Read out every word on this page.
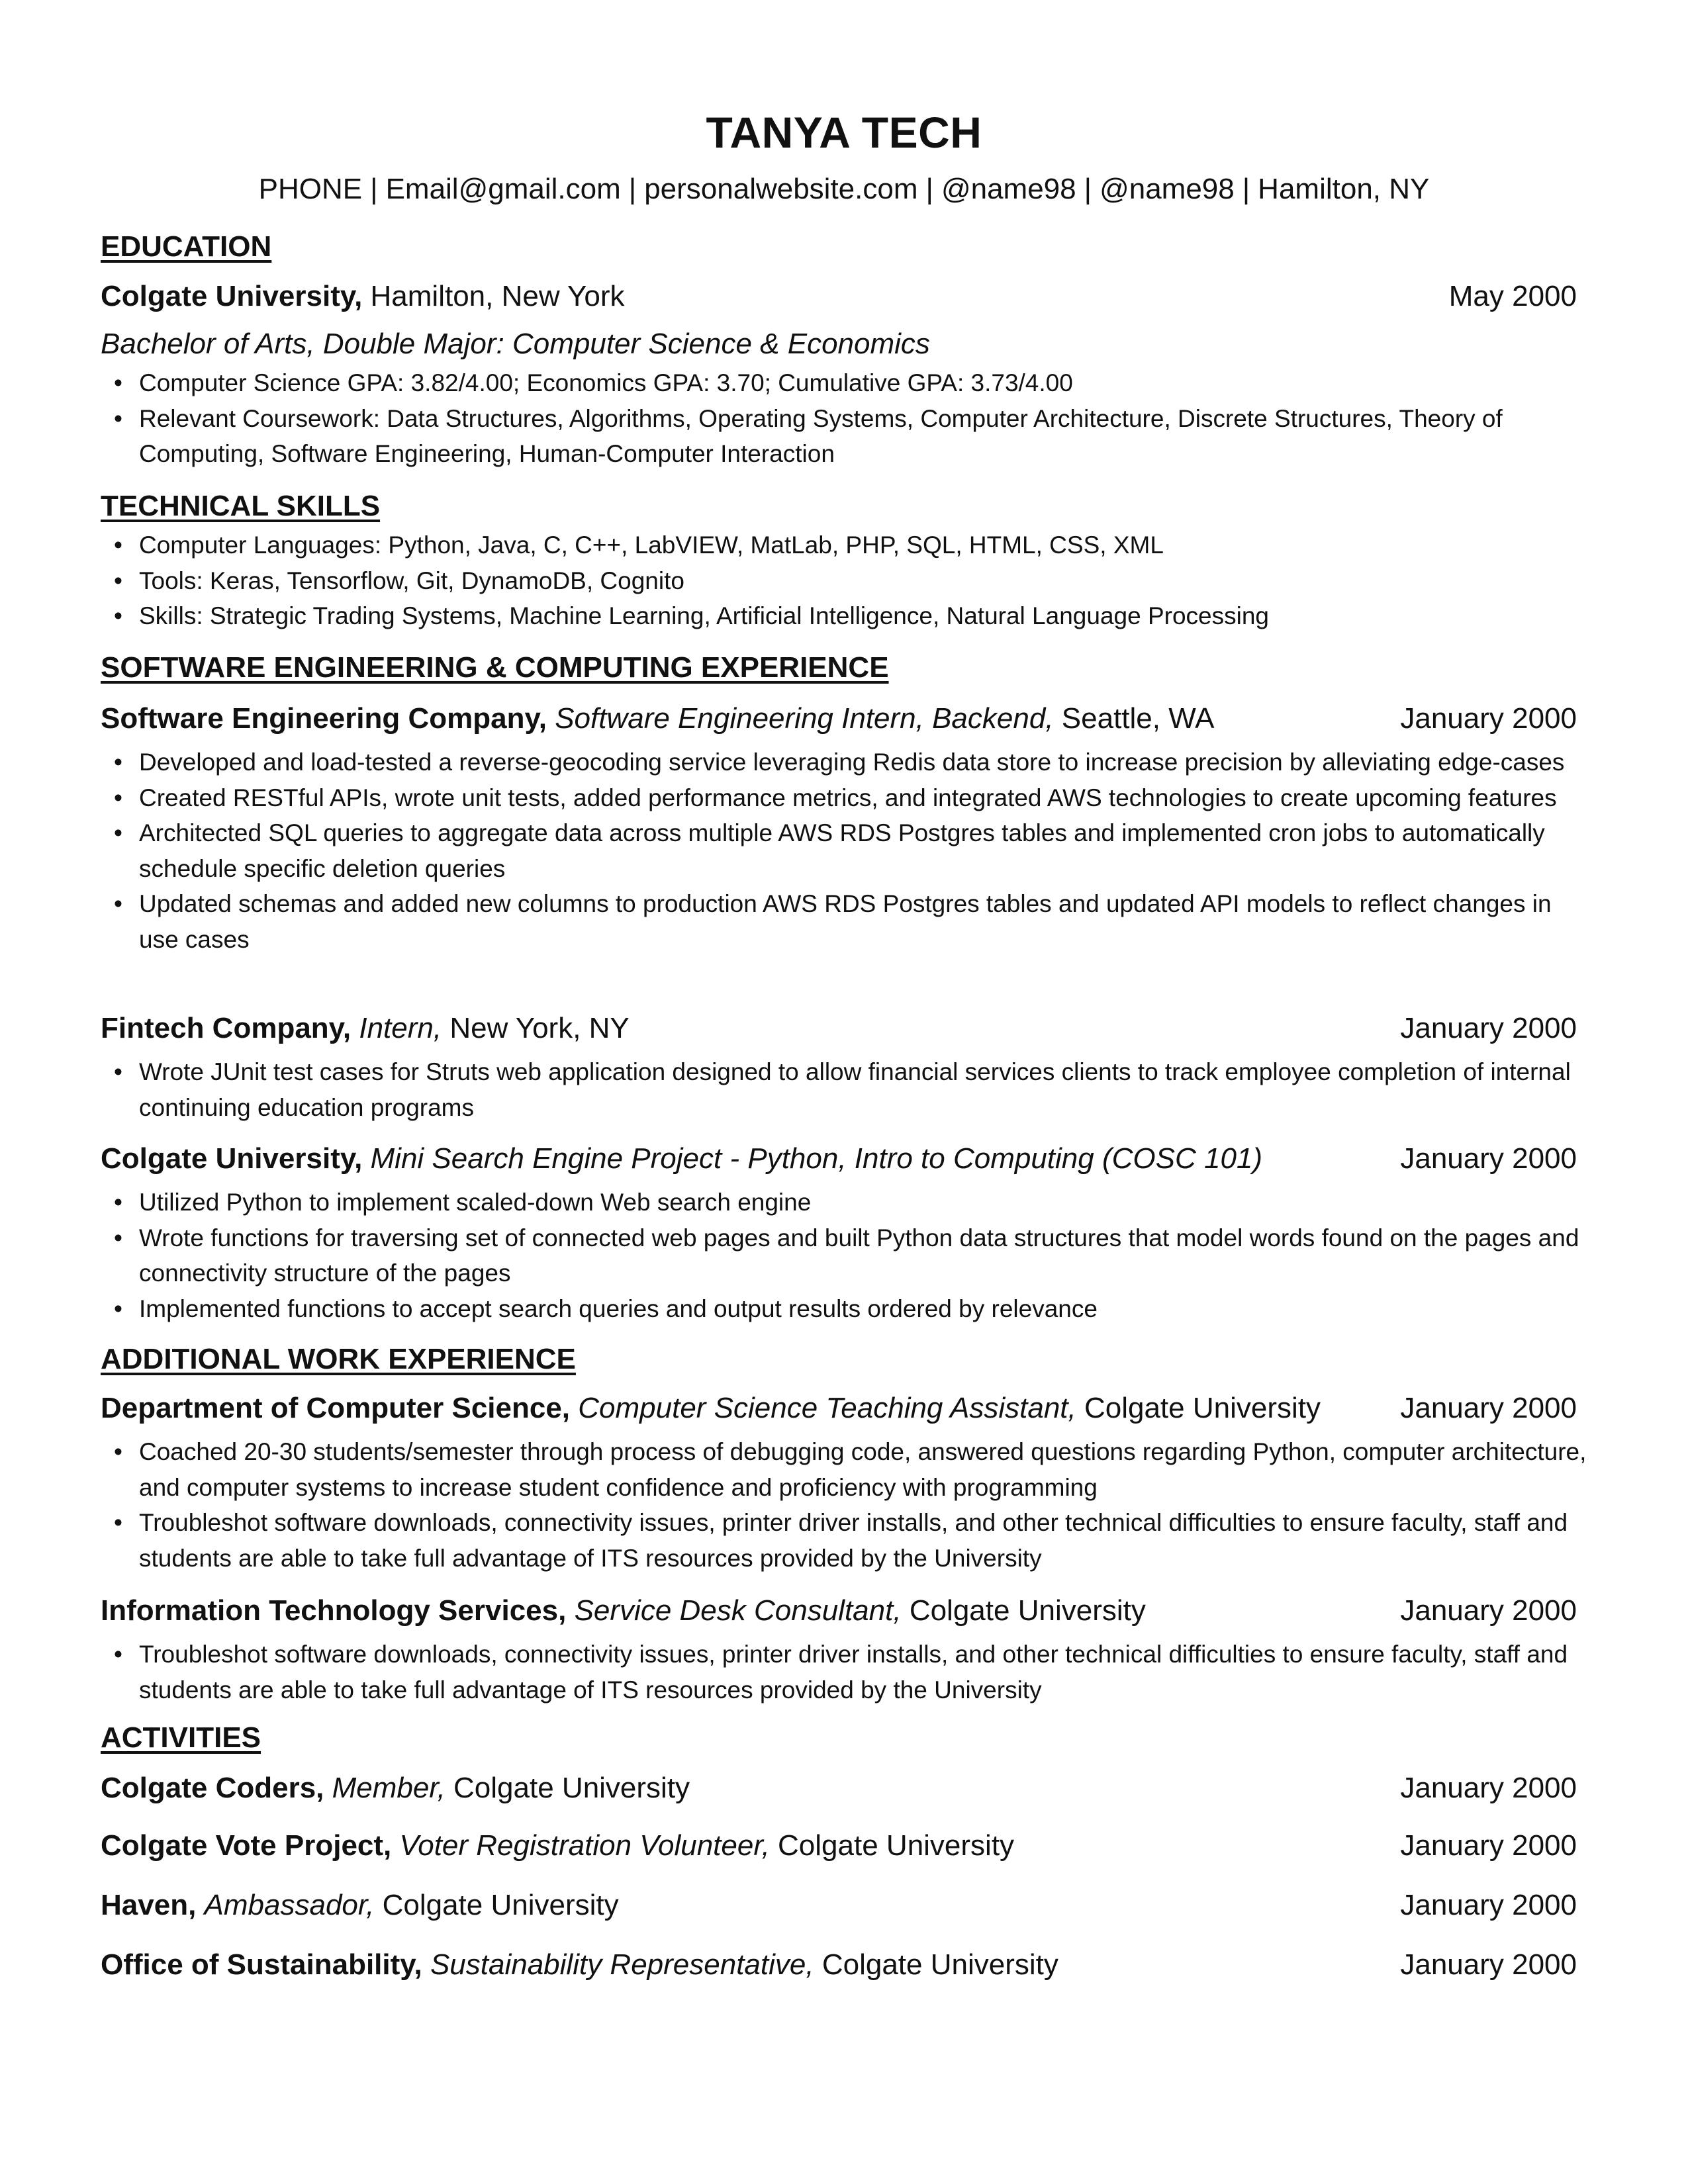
TANYA TECH
PHONE | Email@gmail.com | personalwebsite.com | @name98 | @name98 | Hamilton, NY
EDUCATION
Colgate University, Hamilton, New York	May 2000
Bachelor of Arts, Double Major: Computer Science & Economics
• Computer Science GPA: 3.82/4.00; Economics GPA: 3.70; Cumulative GPA: 3.73/4.00
• Relevant Coursework: Data Structures, Algorithms, Operating Systems, Computer Architecture, Discrete Structures, Theory of Computing, Software Engineering, Human-Computer Interaction
TECHNICAL SKILLS
• Computer Languages: Python, Java, C, C++, LabVIEW, MatLab, PHP, SQL, HTML, CSS, XML
• Tools: Keras, Tensorflow, Git, DynamoDB, Cognito
• Skills: Strategic Trading Systems, Machine Learning, Artificial Intelligence, Natural Language Processing
SOFTWARE ENGINEERING & COMPUTING EXPERIENCE
Software Engineering Company, Software Engineering Intern, Backend, Seattle, WA	January 2000
• Developed and load-tested a reverse-geocoding service leveraging Redis data store to increase precision by alleviating edge-cases
• Created RESTful APIs, wrote unit tests, added performance metrics, and integrated AWS technologies to create upcoming features
• Architected SQL queries to aggregate data across multiple AWS RDS Postgres tables and implemented cron jobs to automatically schedule specific deletion queries
• Updated schemas and added new columns to production AWS RDS Postgres tables and updated API models to reflect changes in use cases
Fintech Company, Intern, New York, NY	January 2000
• Wrote JUnit test cases for Struts web application designed to allow financial services clients to track employee completion of internal continuing education programs
Colgate University, Mini Search Engine Project - Python, Intro to Computing (COSC 101)	January 2000
• Utilized Python to implement scaled-down Web search engine
• Wrote functions for traversing set of connected web pages and built Python data structures that model words found on the pages and connectivity structure of the pages
• Implemented functions to accept search queries and output results ordered by relevance
ADDITIONAL WORK EXPERIENCE
Department of Computer Science, Computer Science Teaching Assistant, Colgate University	January 2000
• Coached 20-30 students/semester through process of debugging code, answered questions regarding Python, computer architecture, and computer systems to increase student confidence and proficiency with programming
• Troubleshot software downloads, connectivity issues, printer driver installs, and other technical difficulties to ensure faculty, staff and students are able to take full advantage of ITS resources provided by the University
Information Technology Services, Service Desk Consultant, Colgate University	January 2000
• Troubleshot software downloads, connectivity issues, printer driver installs, and other technical difficulties to ensure faculty, staff and students are able to take full advantage of ITS resources provided by the University
ACTIVITIES
Colgate Coders, Member, Colgate University	January 2000
Colgate Vote Project, Voter Registration Volunteer, Colgate University	January 2000
Haven, Ambassador, Colgate University	January 2000
Office of Sustainability, Sustainability Representative, Colgate University	January 2000
